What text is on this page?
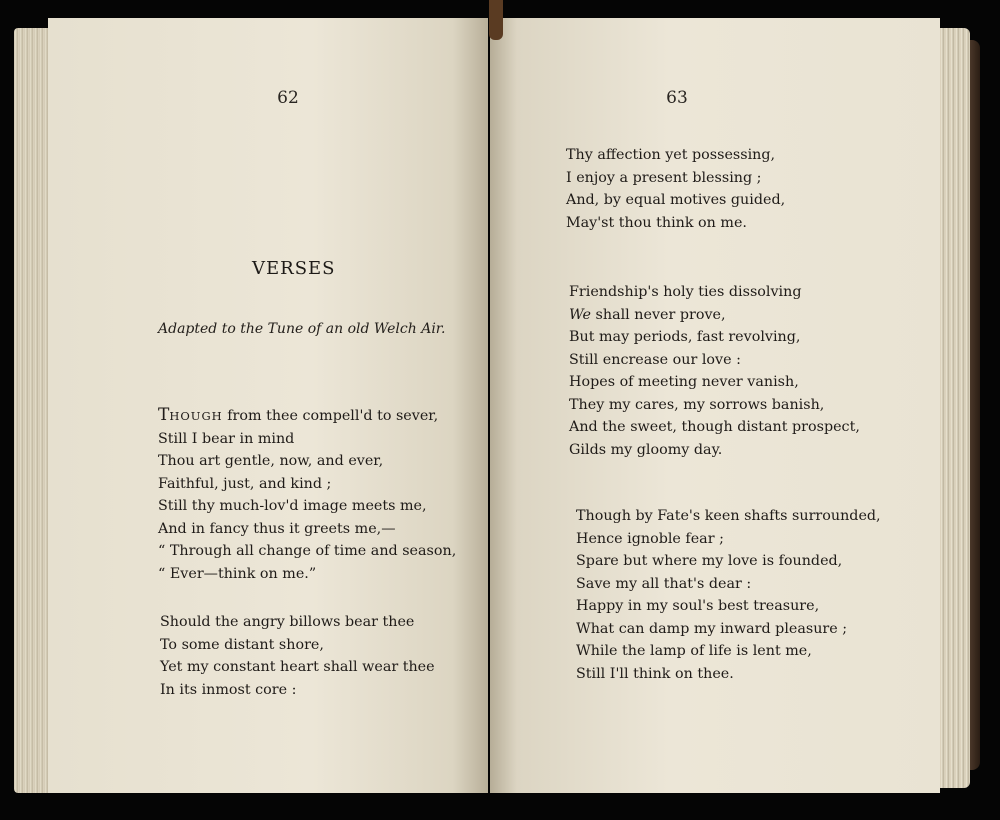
62
VERSES
Adapted to the Tune of an old Welch Air.
THOUGH from thee compell'd to sever,
Still I bear in mind
Thou art gentle, now, and ever,
Faithful, just, and kind ;
Still thy much-lov'd image meets me,
And in fancy thus it greets me,—
“ Through all change of time and season,
“ Ever—think on me.”
Should the angry billows bear thee
To some distant shore,
Yet my constant heart shall wear thee
In its inmost core :
63
Thy affection yet possessing,
I enjoy a present blessing ;
And, by equal motives guided,
May'st thou think on me.
Friendship's holy ties dissolving
We shall never prove,
But may periods, fast revolving,
Still encrease our love :
Hopes of meeting never vanish,
They my cares, my sorrows banish,
And the sweet, though distant prospect,
Gilds my gloomy day.
Though by Fate's keen shafts surrounded,
Hence ignoble fear ;
Spare but where my love is founded,
Save my all that's dear :
Happy in my soul's best treasure,
What can damp my inward pleasure ;
While the lamp of life is lent me,
Still I'll think on thee.
